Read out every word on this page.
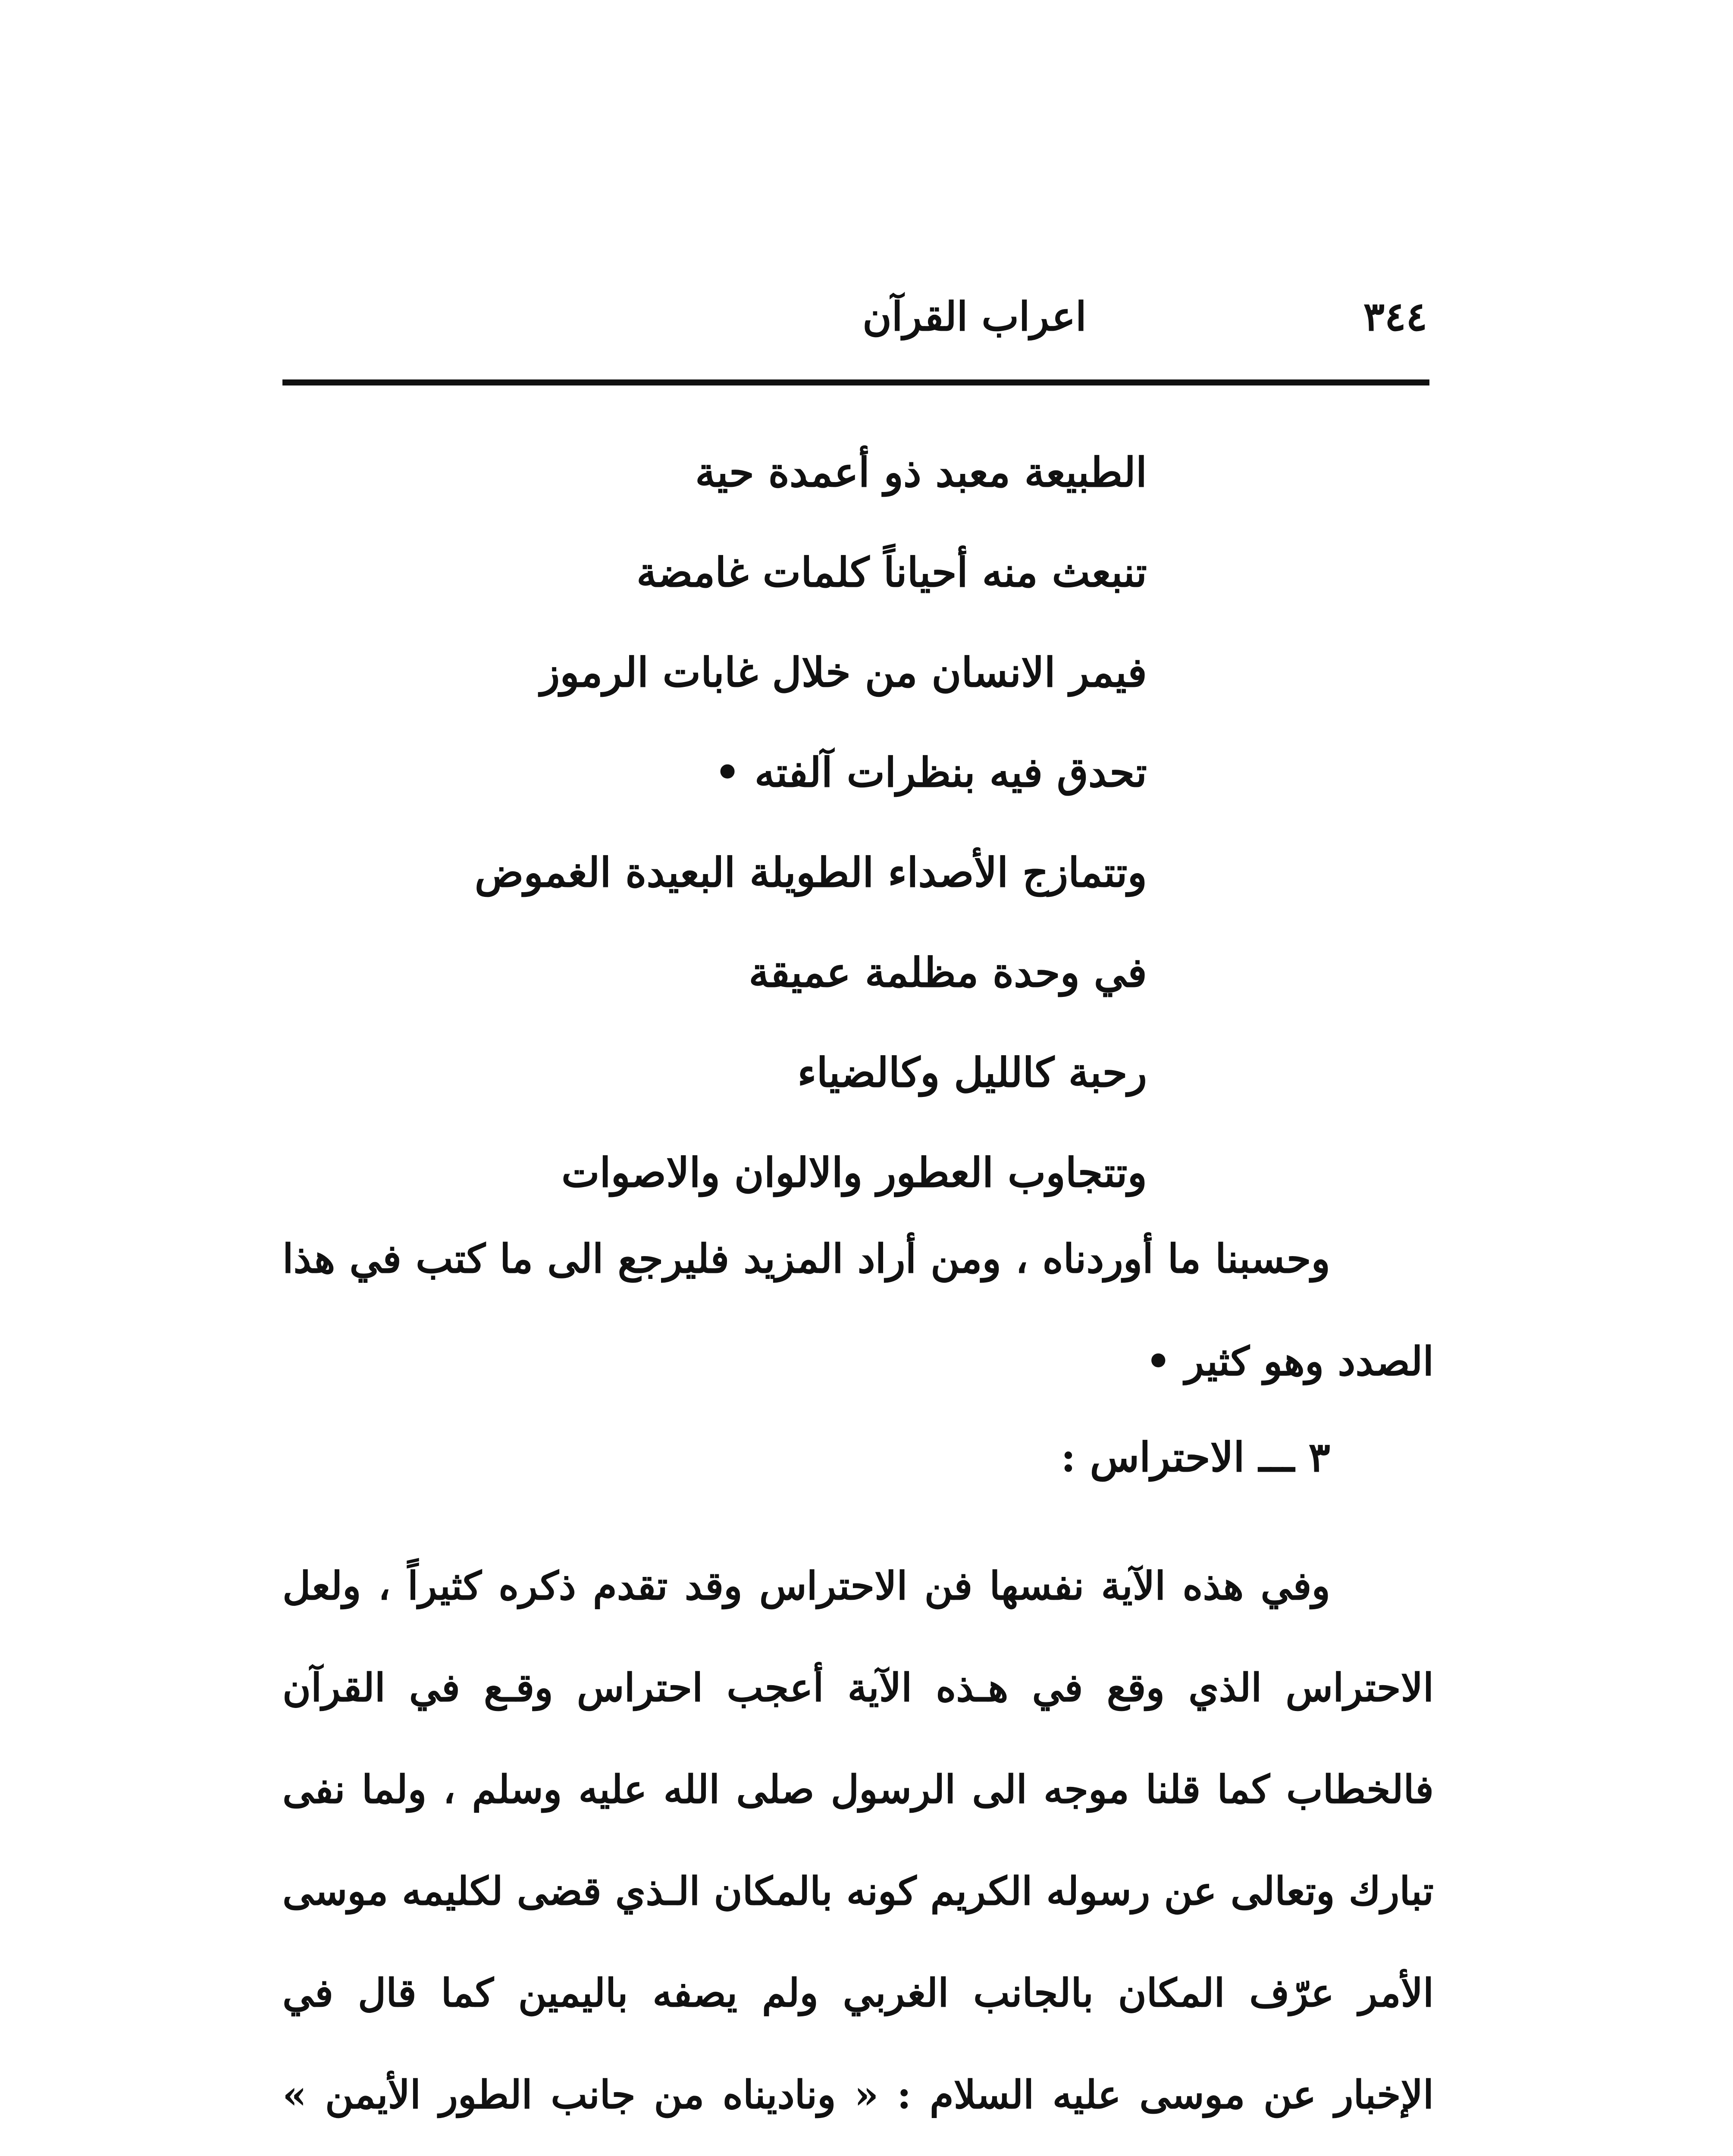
٣٤٤
اعراب القرآن
الطبيعة معبد ذو أعمدة حية
تنبعث منه أحياناً كلمات غامضة
فيمر الانسان من خلال غابات الرموز
تحدق فيه بنظرات آلفته •
وتتمازج الأصداء الطويلة البعيدة الغموض
في وحدة مظلمة عميقة
رحبة كالليل وكالضياء
وتتجاوب العطور والالوان والاصوات
وحسبنا ما أوردناه ، ومن أراد المزيد فليرجع الى ما كتب في هذا الصدد وهو كثير •
٣ ـــ الاحتراس :
وفي هذه الآية نفسها فن الاحتراس وقد تقدم ذكره كثيراً ، ولعل الاحتراس الذي وقع في هـذه الآية أعجب احتراس وقـع في القرآن فالخطاب كما قلنا موجه الى الرسول صلى الله عليه وسلم ، ولما نفى تبارك وتعالى عن رسوله الكريم كونه بالمكان الـذي قضى لكليمه موسى الأمر عرّف المكان بالجانب الغربي ولم يصفه باليمين كما قال في الإخبار عن موسى عليه السلام : « وناديناه من جانب الطور الأيمن »
